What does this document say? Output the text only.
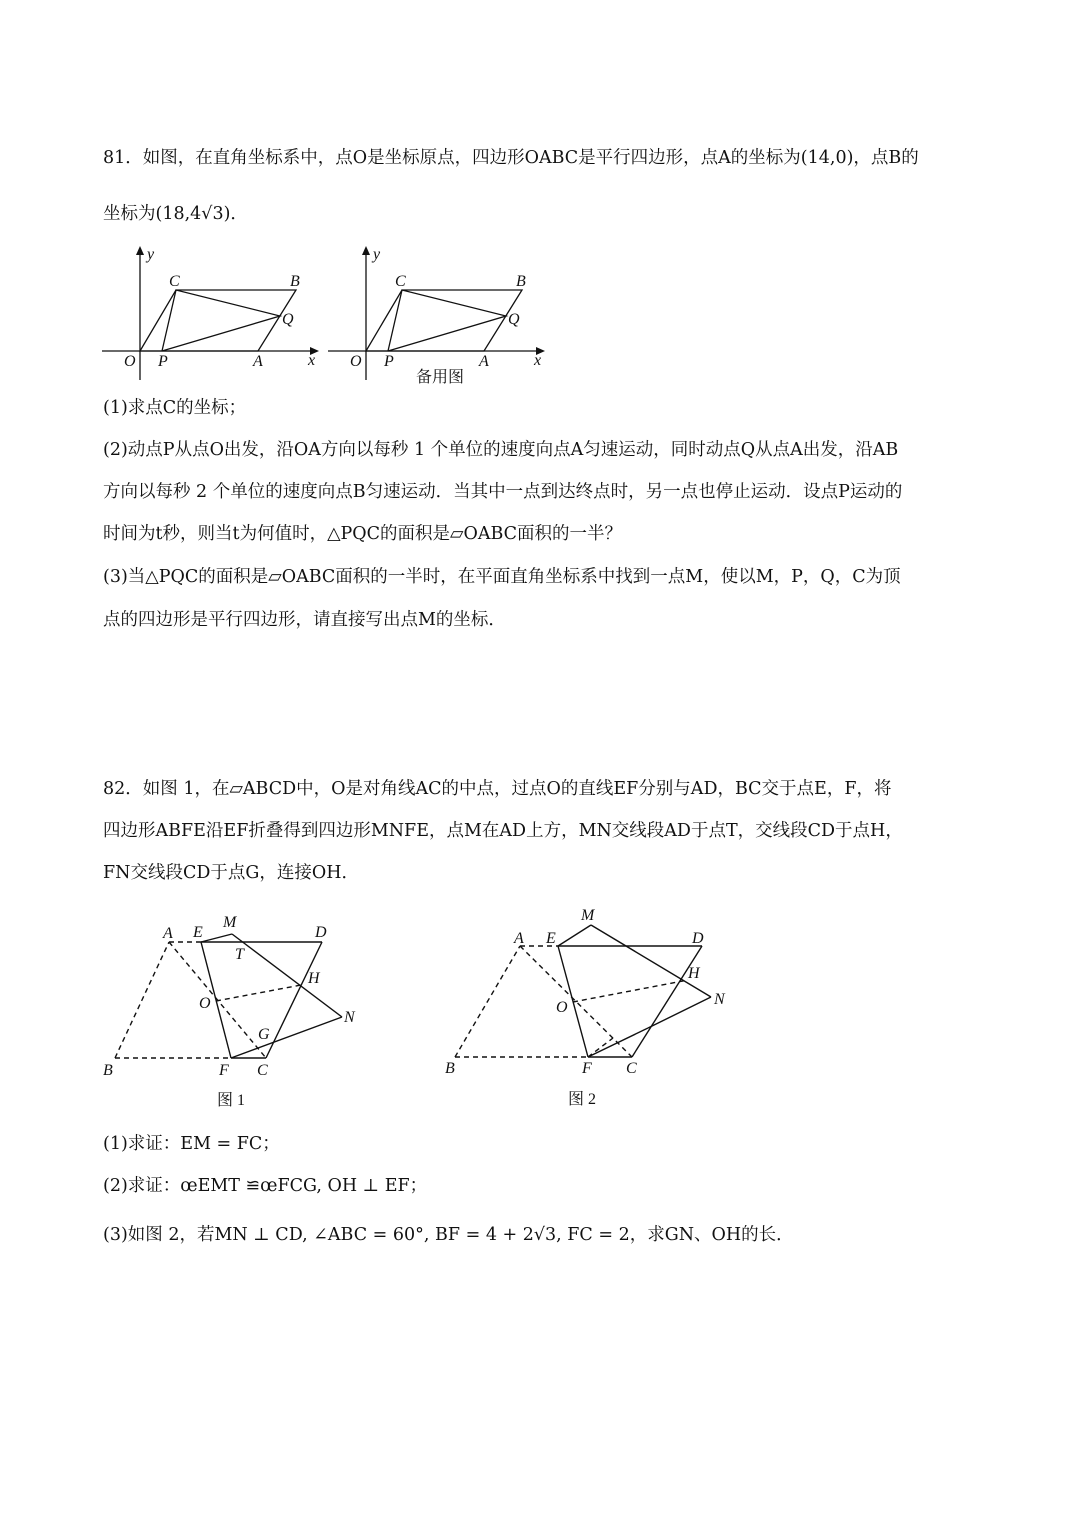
81．如图，在直角坐标系中，点O是坐标原点，四边形OABC是平行四边形，点A的坐标为(14,0)，点B的
坐标为(18,4√3)．
y
x
O P	A
C	B
Q
y
x
O P	A
C	B
Q
备用图
(1)求点C的坐标；
(2)动点P从点O出发，沿OA方向以每秒 1 个单位的速度向点A匀速运动，同时动点Q从点A出发，沿AB
方向以每秒 2 个单位的速度向点B匀速运动．当其中一点到达终点时，另一点也停止运动．设点P运动的
时间为t秒，则当t为何值时，△PQC的面积是▱OABC面积的一半？
(3)当△PQC的面积是▱OABC面积的一半时，在平面直角坐标系中找到一点M，使以M，P，Q，C为顶
点的四边形是平行四边形，请直接写出点M的坐标．
82．如图 1，在▱ABCD中，O是对角线AC的中点，过点O的直线EF分别与AD，BC交于点E，F，将
四边形ABFE沿EF折叠得到四边形MNFE，点M在AD上方，MN交线段AD于点T，交线段CD于点H，
FN交线段CD于点G，连接OH．
A E
M
D
T
H
O
N
G
B	F C
图 1
A E
M
D
H
O	N
B	F C
图 2
(1)求证：EM = FC；
(2)求证：œEMT ≌œFCG, OH ⊥ EF；
(3)如图 2，若MN ⊥ CD, ∠ABC = 60°, BF = 4 + 2√3, FC = 2，求GN、OH的长．
